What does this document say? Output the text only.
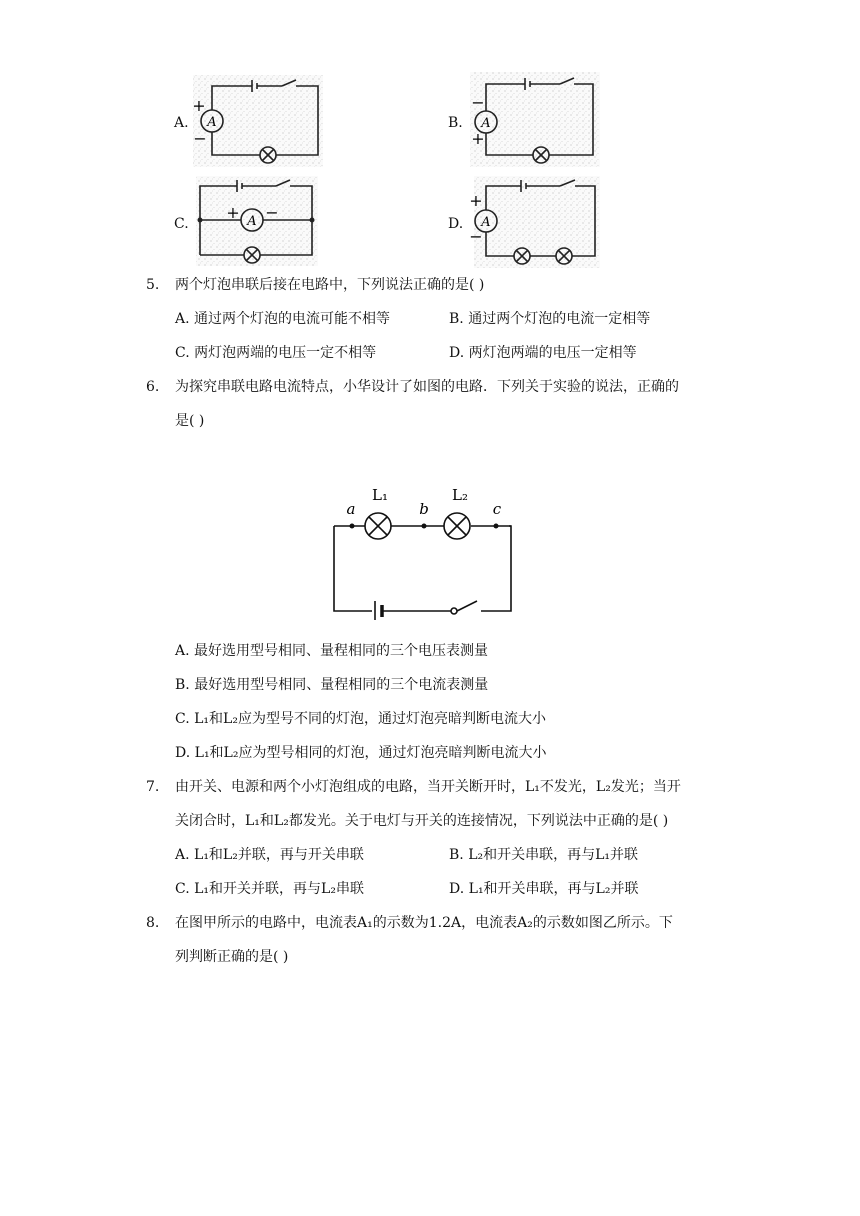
A.	B.
C.	D.
A
+
−
A
−
+
A
+ −
A
+
−
5. 两个灯泡串联后接在电路中，下列说法正确的是( )
A. 通过两个灯泡的电流可能不相等	B. 通过两个灯泡的电流一定相等
C. 两灯泡两端的电压一定不相等	D. 两灯泡两端的电压一定相等
6. 为探究串联电路电流特点，小华设计了如图的电路．下列关于实验的说法，正确的
是( )
a	b	c
L₁	L₂
A. 最好选用型号相同、量程相同的三个电压表测量
B. 最好选用型号相同、量程相同的三个电流表测量
C. L₁和L₂应为型号不同的灯泡，通过灯泡亮暗判断电流大小
D. L₁和L₂应为型号相同的灯泡，通过灯泡亮暗判断电流大小
7. 由开关、电源和两个小灯泡组成的电路，当开关断开时，L₁不发光，L₂发光；当开
关闭合时，L₁和L₂都发光。关于电灯与开关的连接情况，下列说法中正确的是( )
A. L₁和L₂并联，再与开关串联	B. L₂和开关串联，再与L₁并联
C. L₁和开关并联，再与L₂串联	D. L₁和开关串联，再与L₂并联
8. 在图甲所示的电路中，电流表A₁的示数为1.2A，电流表A₂的示数如图乙所示。下
列判断正确的是( )
